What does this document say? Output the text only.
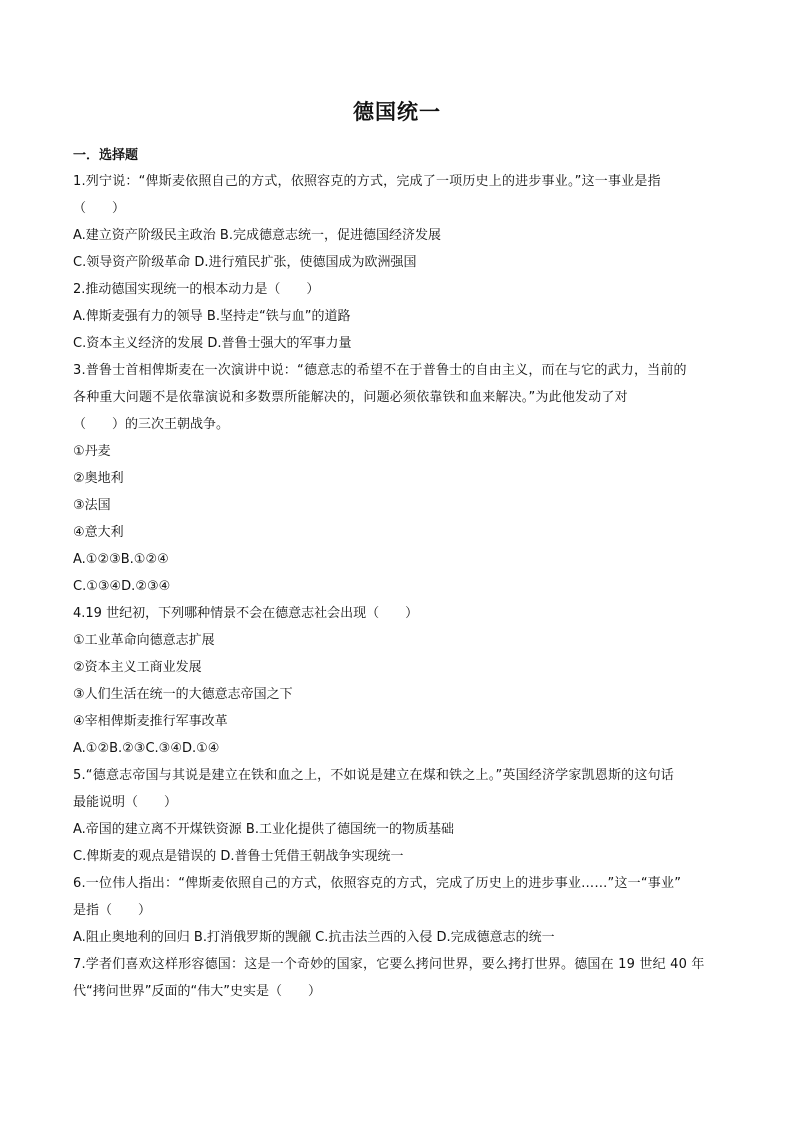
德国统一
一．选择题
1.列宁说：“俾斯麦依照自己的方式，依照容克的方式，完成了一项历史上的进步事业。”这一事业是指
（　　）
A.建立资产阶级民主政治 B.完成德意志统一，促进德国经济发展
C.领导资产阶级革命 D.进行殖民扩张，使德国成为欧洲强国
2.推动德国实现统一的根本动力是（　　）
A.俾斯麦强有力的领导 B.坚持走“铁与血”的道路
C.资本主义经济的发展 D.普鲁士强大的军事力量
3.普鲁士首相俾斯麦在一次演讲中说：“德意志的希望不在于普鲁士的自由主义，而在与它的武力，当前的
各种重大问题不是依靠演说和多数票所能解决的，问题必须依靠铁和血来解决。”为此他发动了对
（　　）的三次王朝战争。
①丹麦
②奥地利
③法国
④意大利
A.①②③B.①②④
C.①③④D.②③④
4.19 世纪初，下列哪种情景不会在德意志社会出现（　　）
①工业革命向德意志扩展
②资本主义工商业发展
③人们生活在统一的大德意志帝国之下
④宰相俾斯麦推行军事改革
A.①②B.②③C.③④D.①④
5.“德意志帝国与其说是建立在铁和血之上，不如说是建立在煤和铁之上。”英国经济学家凯恩斯的这句话
最能说明（　　）
A.帝国的建立离不开煤铁资源 B.工业化提供了德国统一的物质基础
C.俾斯麦的观点是错误的 D.普鲁士凭借王朝战争实现统一
6.一位伟人指出：“俾斯麦依照自己的方式，依照容克的方式，完成了历史上的进步事业……”这一“事业”
是指（　　）
A.阻止奥地利的回归 B.打消俄罗斯的觊觎 C.抗击法兰西的入侵 D.完成德意志的统一
7.学者们喜欢这样形容德国：这是一个奇妙的国家，它要么拷问世界，要么拷打世界。德国在 19 世纪 40 年
代“拷问世界”反面的“伟大”史实是（　　）
